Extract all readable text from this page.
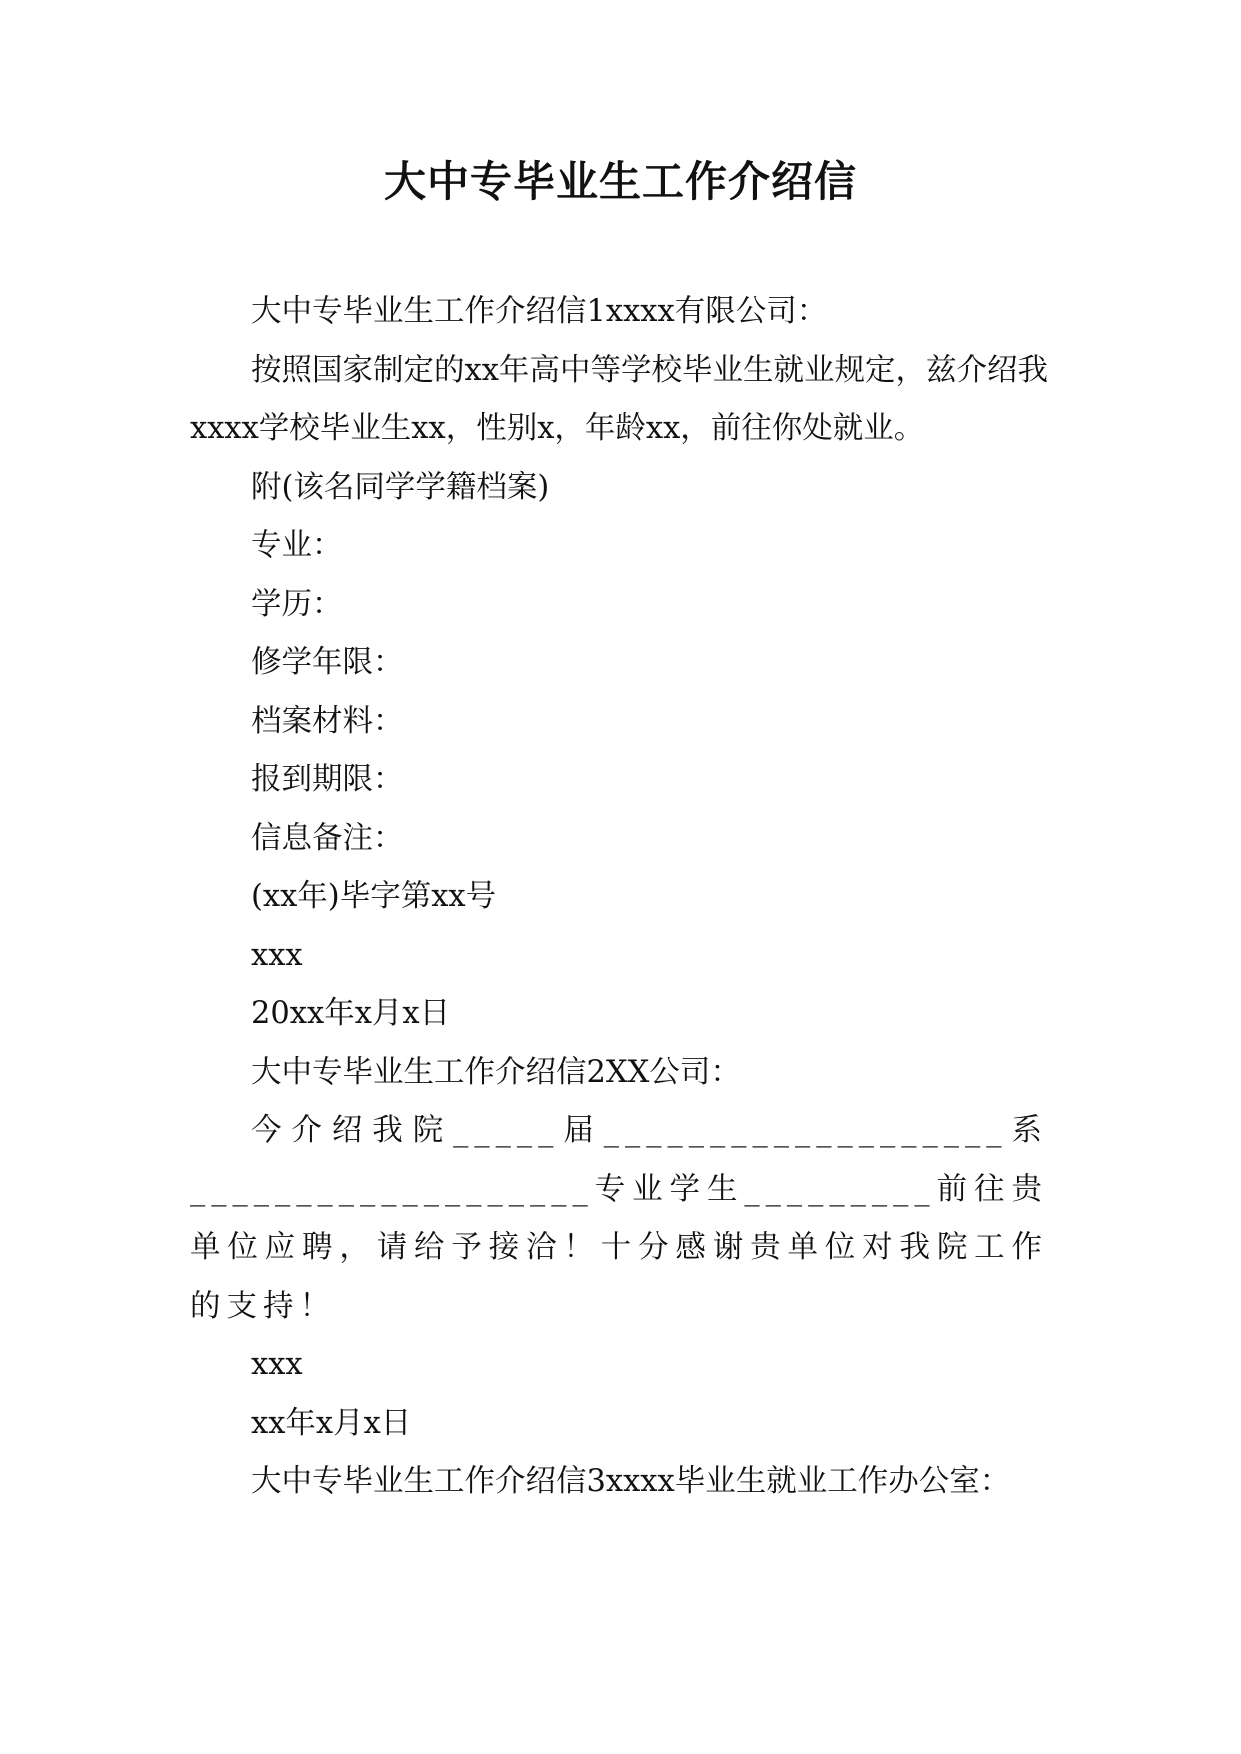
大中专毕业生工作介绍信

大中专毕业生工作介绍信1xxxx有限公司：

按照国家制定的xx年高中等学校毕业生就业规定，兹介绍我xxxx学校毕业生xx，性别x，年龄xx，前往你处就业。

附(该名同学学籍档案)

专业：

学历：

修学年限：

档案材料：

报到期限：

信息备注：

(xx年)毕字第xx号

xxx

20xx年x月x日

大中专毕业生工作介绍信2XX公司：

今介绍我院_____届___________________系___________________专业学生_________前往贵单位应聘，请给予接洽！十分感谢贵单位对我院工作的支持！

xxx

xx年x月x日

大中专毕业生工作介绍信3xxxx毕业生就业工作办公室：
